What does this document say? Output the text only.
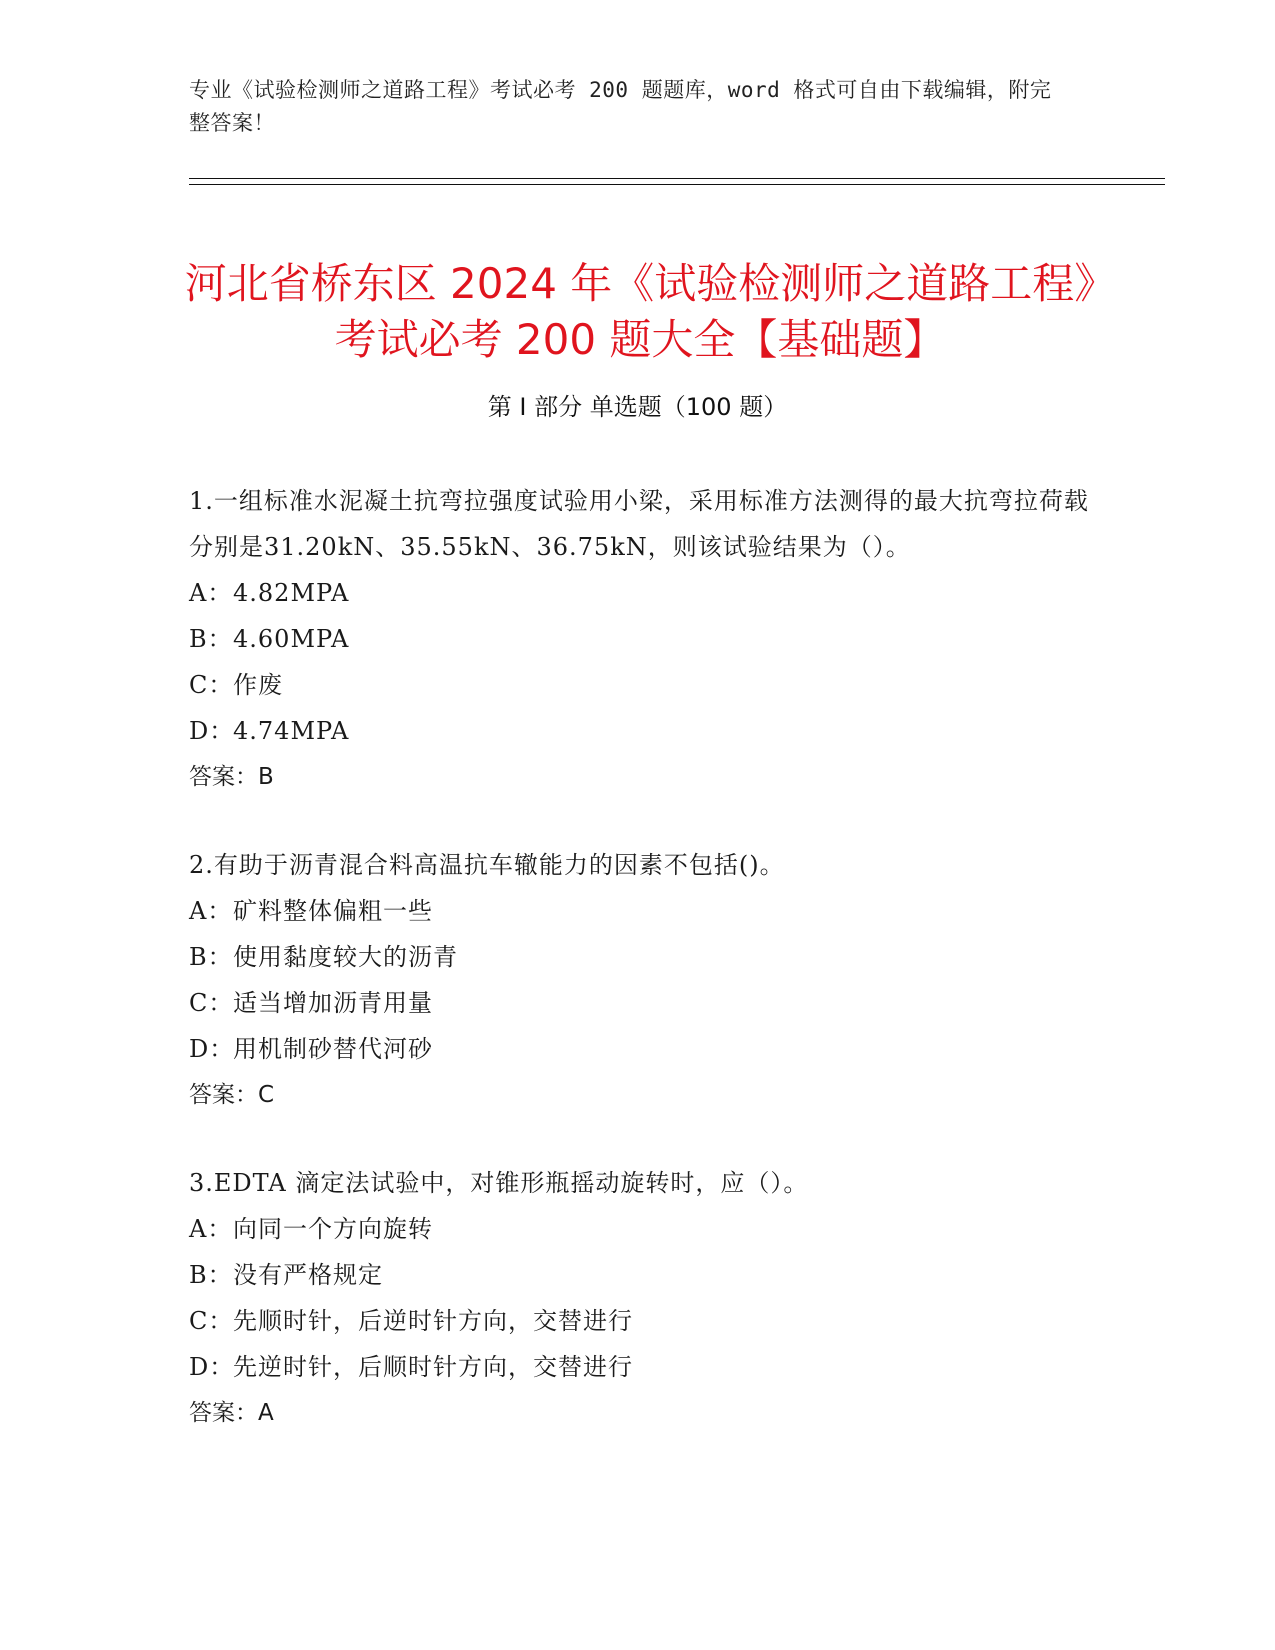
专业《试验检测师之道路工程》考试必考 200 题题库，word 格式可自由下载编辑，附完整答案！
河北省桥东区 2024 年《试验检测师之道路工程》考试必考 200 题大全【基础题】
第 I 部分 单选题（100 题）
1.一组标准水泥凝土抗弯拉强度试验用小梁，采用标准方法测得的最大抗弯拉荷载分别是31.20kN、35.55kN、36.75kN，则该试验结果为（）。
A：4.82MPA
B：4.60MPA
C：作废
D：4.74MPA
答案：B
2.有助于沥青混合料高温抗车辙能力的因素不包括()。
A：矿料整体偏粗一些
B：使用黏度较大的沥青
C：适当增加沥青用量
D：用机制砂替代河砂
答案：C
3.EDTA 滴定法试验中，对锥形瓶摇动旋转时，应（）。
A：向同一个方向旋转
B：没有严格规定
C：先顺时针，后逆时针方向，交替进行
D：先逆时针，后顺时针方向，交替进行
答案：A
